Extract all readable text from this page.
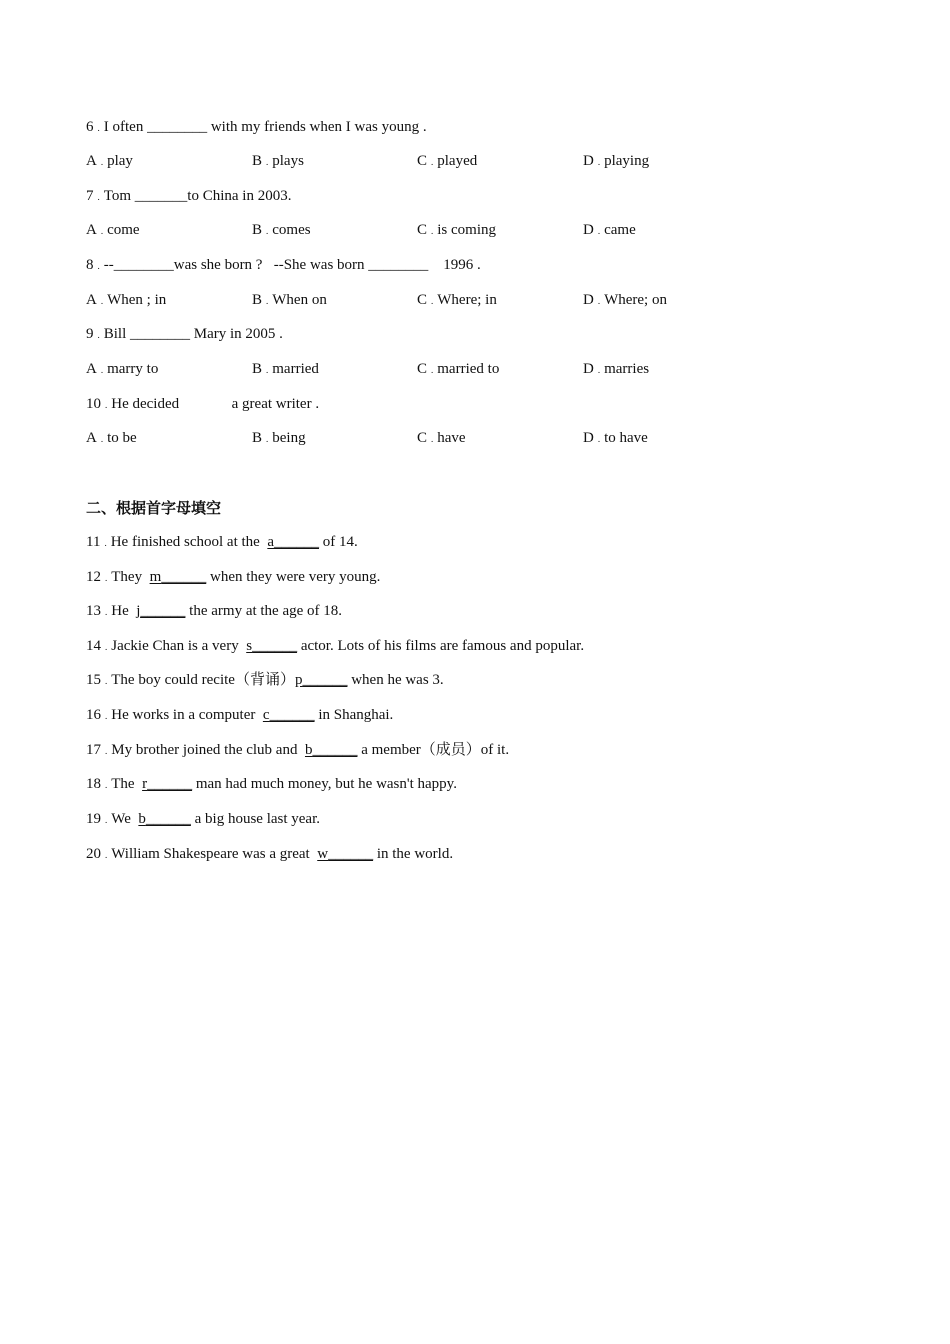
6 . I often ________ with my friends when I was young .
A . play	B . plays	C . played	D . playing
7 . Tom _______to China in 2003.
A . come	B . comes	C . is coming	D . came
8 . --________was she born ?   --She was born ________    1996 .
A . When ; in	B . When on	C . Where; in	D . Where; on
9 . Bill ________ Mary in 2005 .
A . marry to	B . married	C . married to	D . marries
10 . He decided              a great writer .
A . to be	B . being	C . have	D . to have
二、根据首字母填空
11 . He finished school at the  a______ of 14.
12 . They  m______ when they were very young.
13 . He  j______ the army at the age of 18.
14 . Jackie Chan is a very  s______ actor. Lots of his films are famous and popular.
15 . The boy could recite（背诵）p______ when he was 3.
16 . He works in a computer  c______ in Shanghai.
17 . My brother joined the club and  b______ a member（成员）of it.
18 . The  r______ man had much money, but he wasn't happy.
19 . We  b______ a big house last year.
20 . William Shakespeare was a great  w______ in the world.
